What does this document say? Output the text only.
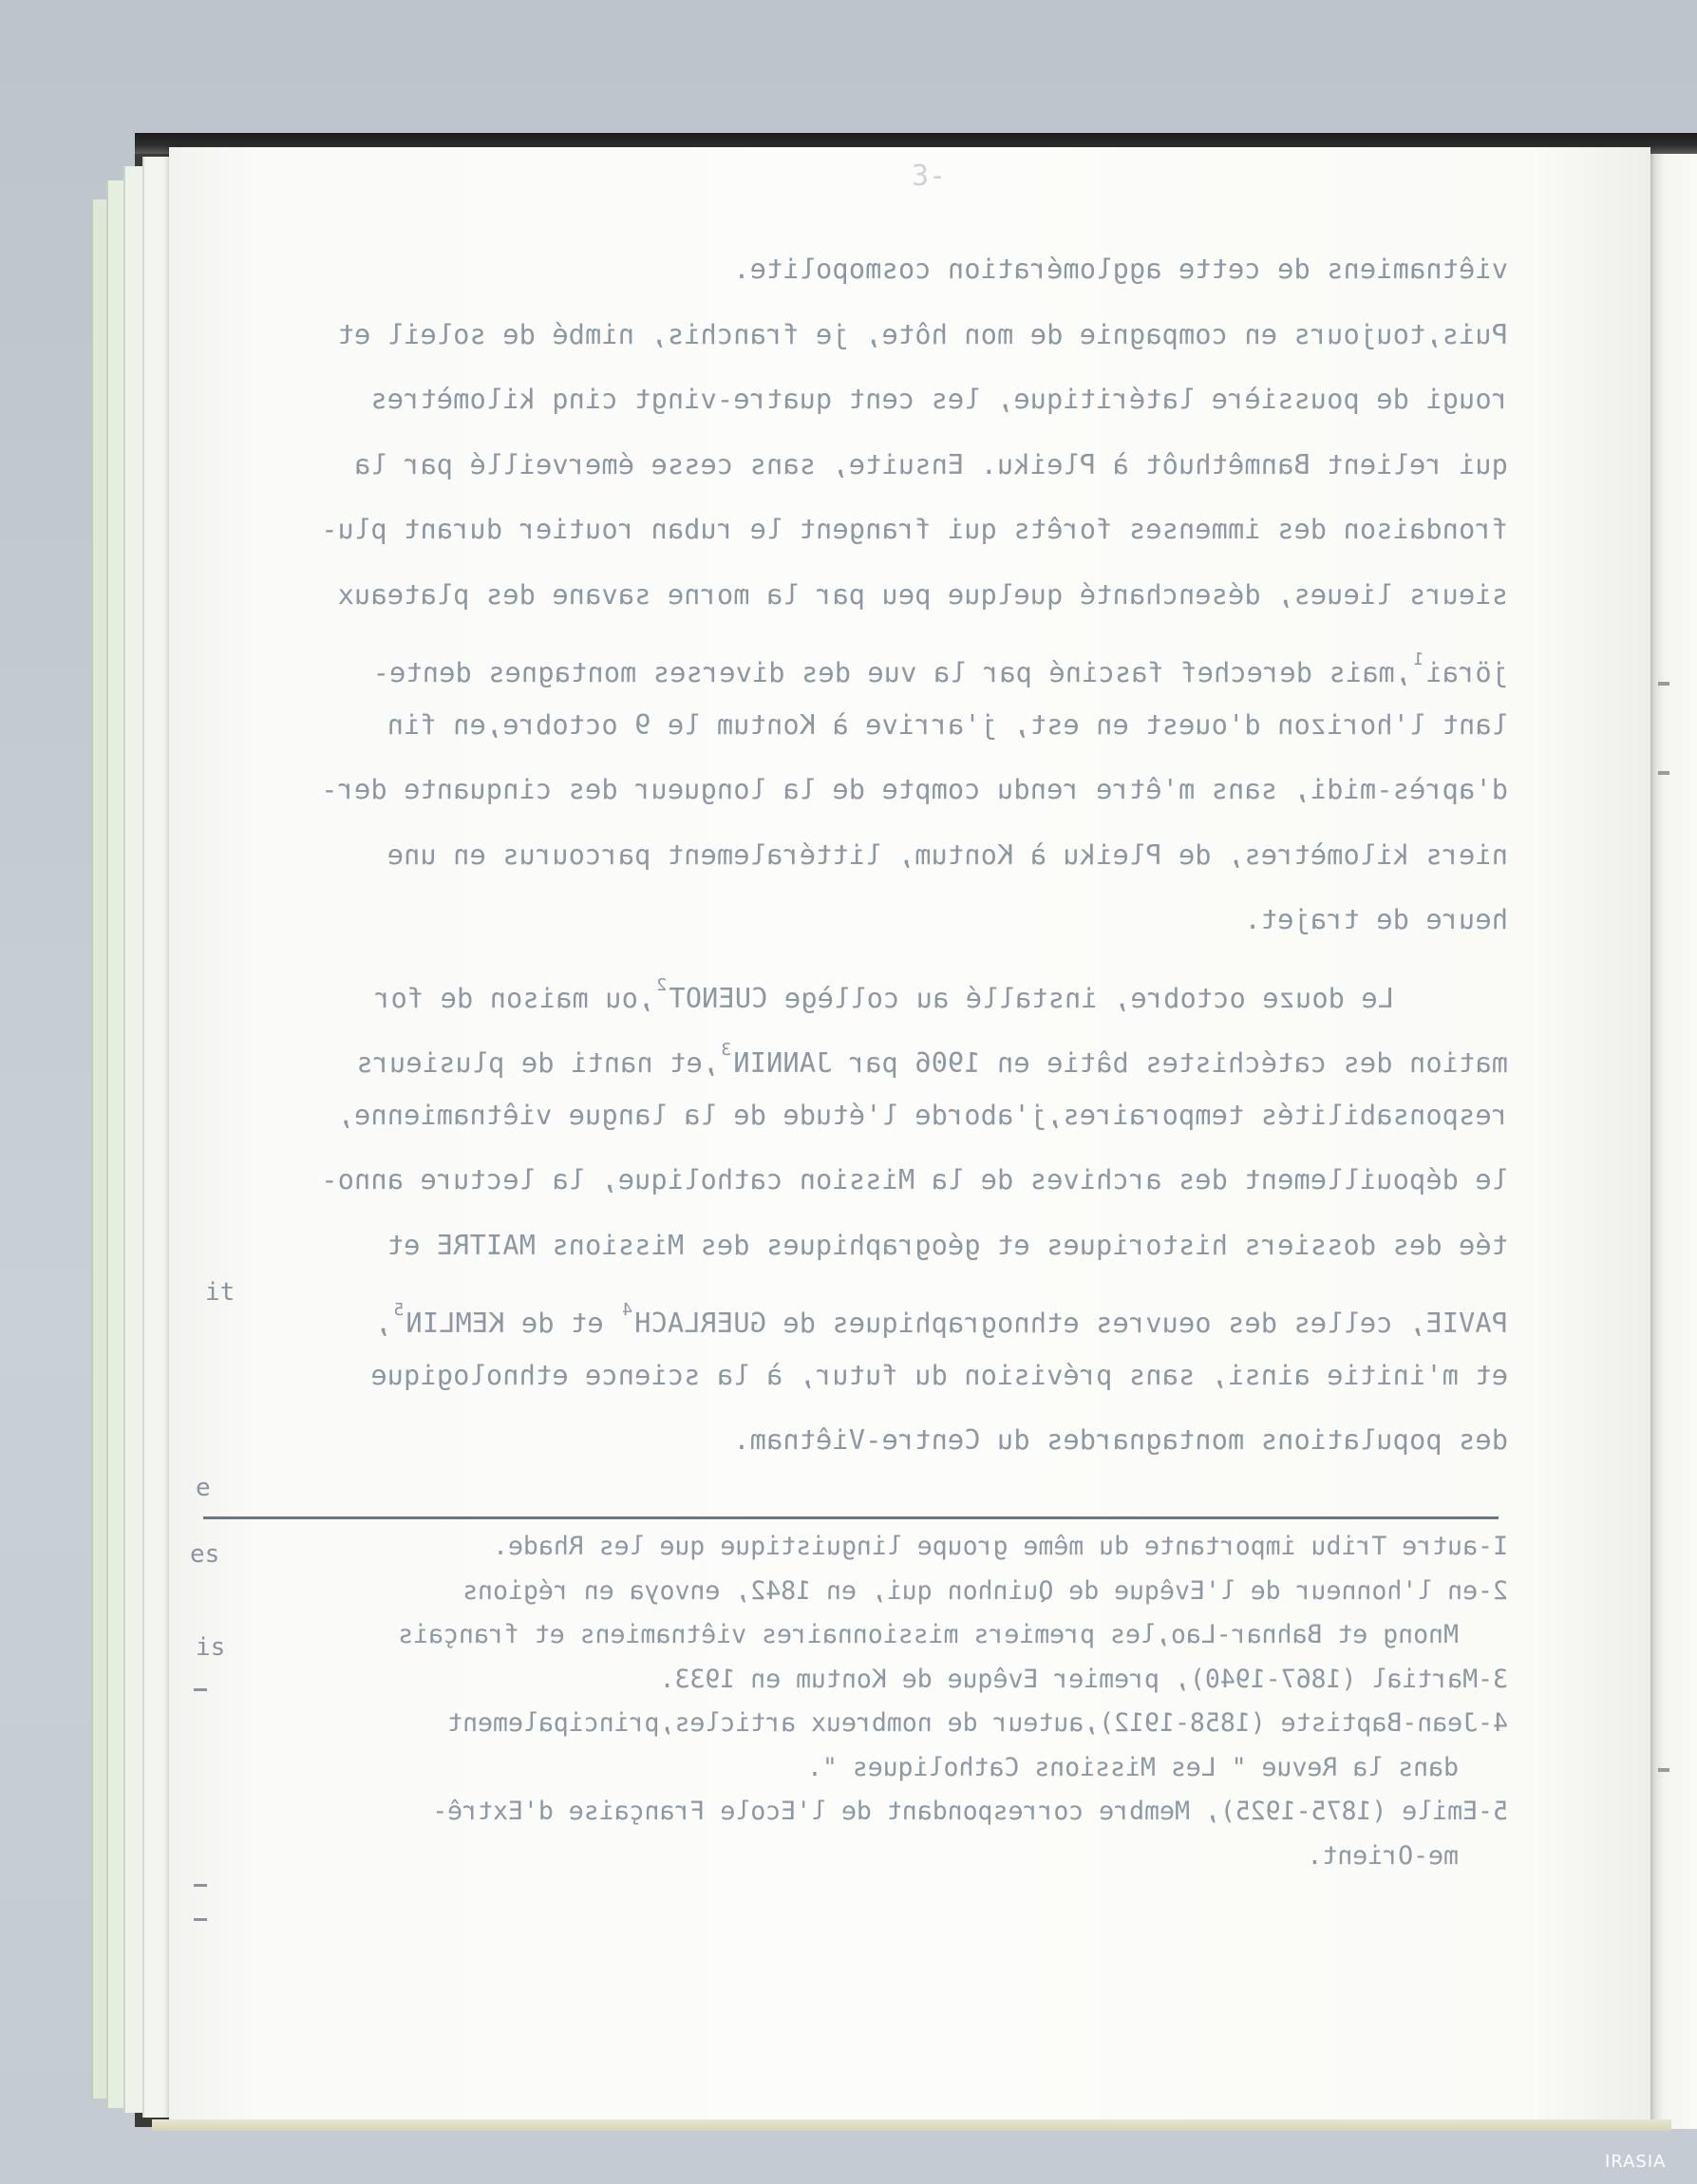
3-

viêtnamiens de cette agglomération cosmopolite.

Puis,toujours en compagnie de mon hôte, je franchis, nimbé de soleil et

rougi de poussière latéritique, les cent quatre-vingt cinq kilomètres

qui relient Banmêthuôt à Pleiku. Ensuite, sans cesse émerveillé par la

frondaison des immenses forêts qui frangent le ruban routier durant plu-

sieurs lieues, désenchanté quelque peu par la morne savane des plateaux

jörai$^1$,mais derechef fasciné par la vue des diverses montagnes dente-

lant l'horizon d'ouest en est, j'arrive à Kontum le 9 octobre,en fin

d'après-midi, sans m'être rendu compte de la longueur des cinquante der-

niers kilomètres, de Pleiku à Kontum, littéralement parcourus en une

heure de trajet.

Le douze octobre, installé au collège CUENOT$^2$,ou maison de for

mation des catéchistes bâtie en 1906 par JANNIN$^3$,et nanti de plusieurs

responsabilités temporaires,j'aborde l'étude de la langue viêtnamienne,

le dépouillement des archives de la Mission catholique, la lecture anno-

tée des dossiers historiques et géographiques des Missions MAITRE et

PAVIE, celles des oeuvres ethnographiques de GUERLACH$^4$ et de KEMLIN$^5$,

et m'initie ainsi, sans prévision du futur, à la science ethnologique

des populations montagnardes du Centre-Viêtnam.

I-autre Tribu importante du même groupe linguistique que les Rhade.

2-en l'honneur de l'Evêque de Quinhon qui, en 1842, envoya en régions

Mnong et Bahnar-Lao,les premiers missionnaires viêtnamiens et français

3-Martial (1867-1940), premier Evêque de Kontum en 1933.

4-Jean-Baptiste (1858-1912),auteur de nombreux articles,principalement

dans la Revue " Les Missions Catholiques ".

5-Emile (1875-1925), Membre correspondant de l'Ecole Française d'Extrê-

me-Orient.

it
e
es
is
IRASIA
